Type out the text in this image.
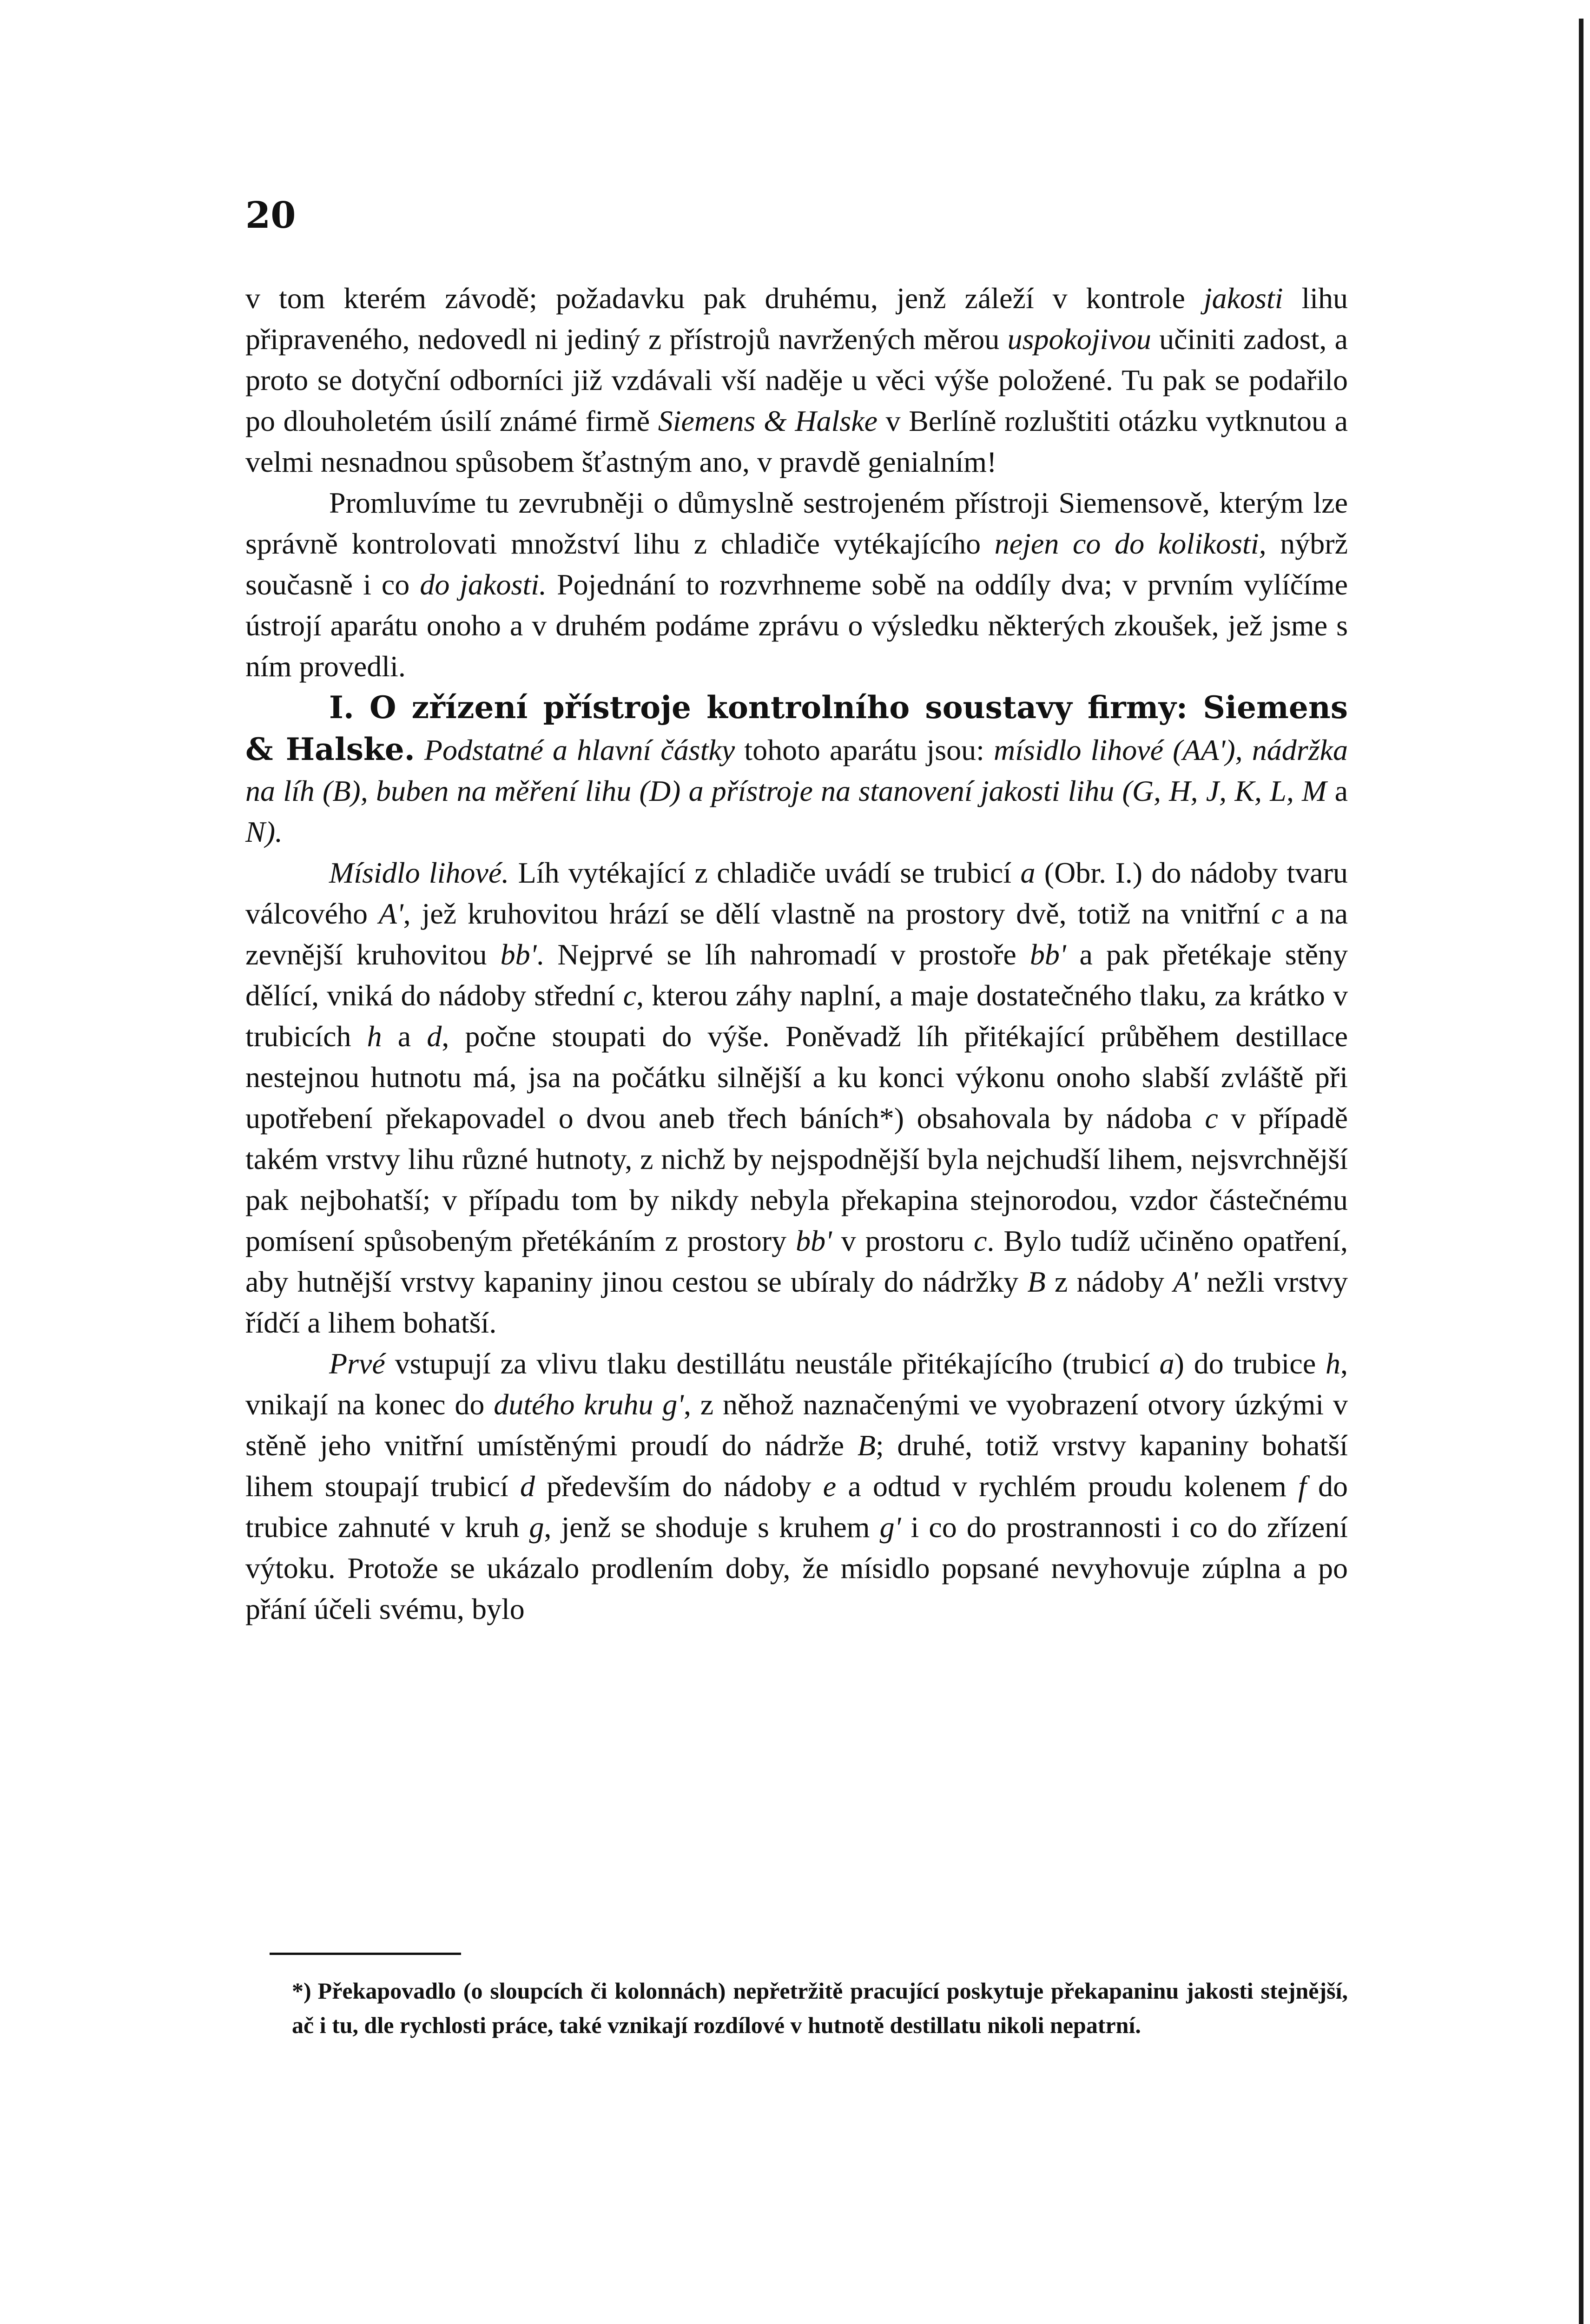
20

v tom kterém závodě; požadavku pak druhému, jenž záleží v kontrole jakosti lihu připraveného, nedovedl ni jediný z přístrojů navržených měrou uspokojivou učiniti zadost, a proto se dotyční odborníci již vzdávali vší naděje u věci výše položené. Tu pak se podařilo po dlouholetém úsilí známé firmě Siemens & Halske v Berlíně rozluštiti otázku vytknutou a velmi nesnadnou spůsobem šťastným ano, v pravdě genialním!

Promluvíme tu zevrubněji o důmyslně sestrojeném přístroji Siemensově, kterým lze správně kontrolovati množství lihu z chladiče vytékajícího nejen co do kolikosti, nýbrž současně i co do jakosti. Pojednání to rozvrhneme sobě na oddíly dva; v prvním vylíčíme ústrojí aparátu onoho a v druhém podáme zprávu o výsledku některých zkoušek, jež jsme s ním provedli.

I. O zřízení přístroje kontrolního soustavy firmy: Siemens & Halske. Podstatné a hlavní částky tohoto aparátu jsou: mísidlo lihové (AA'), nádržka na líh (B), buben na měření lihu (D) a přístroje na stanovení jakosti lihu (G, H, J, K, L, M a N).

Mísidlo lihové. Líh vytékající z chladiče uvádí se trubicí a (Obr. I.) do nádoby tvaru válcového A', jež kruhovitou hrází se dělí vlastně na prostory dvě, totiž na vnitřní c a na zevnější kruhovitou bb'. Nejprvé se líh nahromadí v prostoře bb' a pak přetékaje stěny dělící, vniká do nádoby střední c, kterou záhy naplní, a maje dostatečného tlaku, za krátko v trubicích h a d, počne stoupati do výše. Poněvadž líh přitékající průběhem destillace nestejnou hutnotu má, jsa na počátku silnější a ku konci výkonu onoho slabší zvláště při upotřebení překapovadel o dvou aneb třech báních*) obsahovala by nádoba c v případě takém vrstvy lihu různé hutnoty, z nichž by nejspodnější byla nejchudší lihem, nejsvrchnější pak nejbohatší; v případu tom by nikdy nebyla překapina stejnorodou, vzdor částečnému pomísení spůsobeným přetékáním z prostory bb' v prostoru c. Bylo tudíž učiněno opatření, aby hutnější vrstvy kapaniny jinou cestou se ubíraly do nádržky B z nádoby A' nežli vrstvy řídčí a lihem bohatší.

Prvé vstupují za vlivu tlaku destillátu neustále přitékajícího (trubicí a) do trubice h, vnikají na konec do dutého kruhu g', z něhož naznačenými ve vyobrazení otvory úzkými v stěně jeho vnitřní umístěnými proudí do nádrže B; druhé, totiž vrstvy kapaniny bohatší lihem stoupají trubicí d především do nádoby e a odtud v rychlém proudu kolenem f do trubice zahnuté v kruh g, jenž se shoduje s kruhem g' i co do prostrannosti i co do zřízení výtoku. Protože se ukázalo prodlením doby, že mísidlo popsané nevyhovuje zúplna a po přání účeli svému, bylo

*) Překapovadlo (o sloupcích či kolonnách) nepřetržitě pracující poskytuje překapaninu jakosti stejnější, ač i tu, dle rychlosti práce, také vznikají rozdílové v hutnotě destillatu nikoli nepatrní.
